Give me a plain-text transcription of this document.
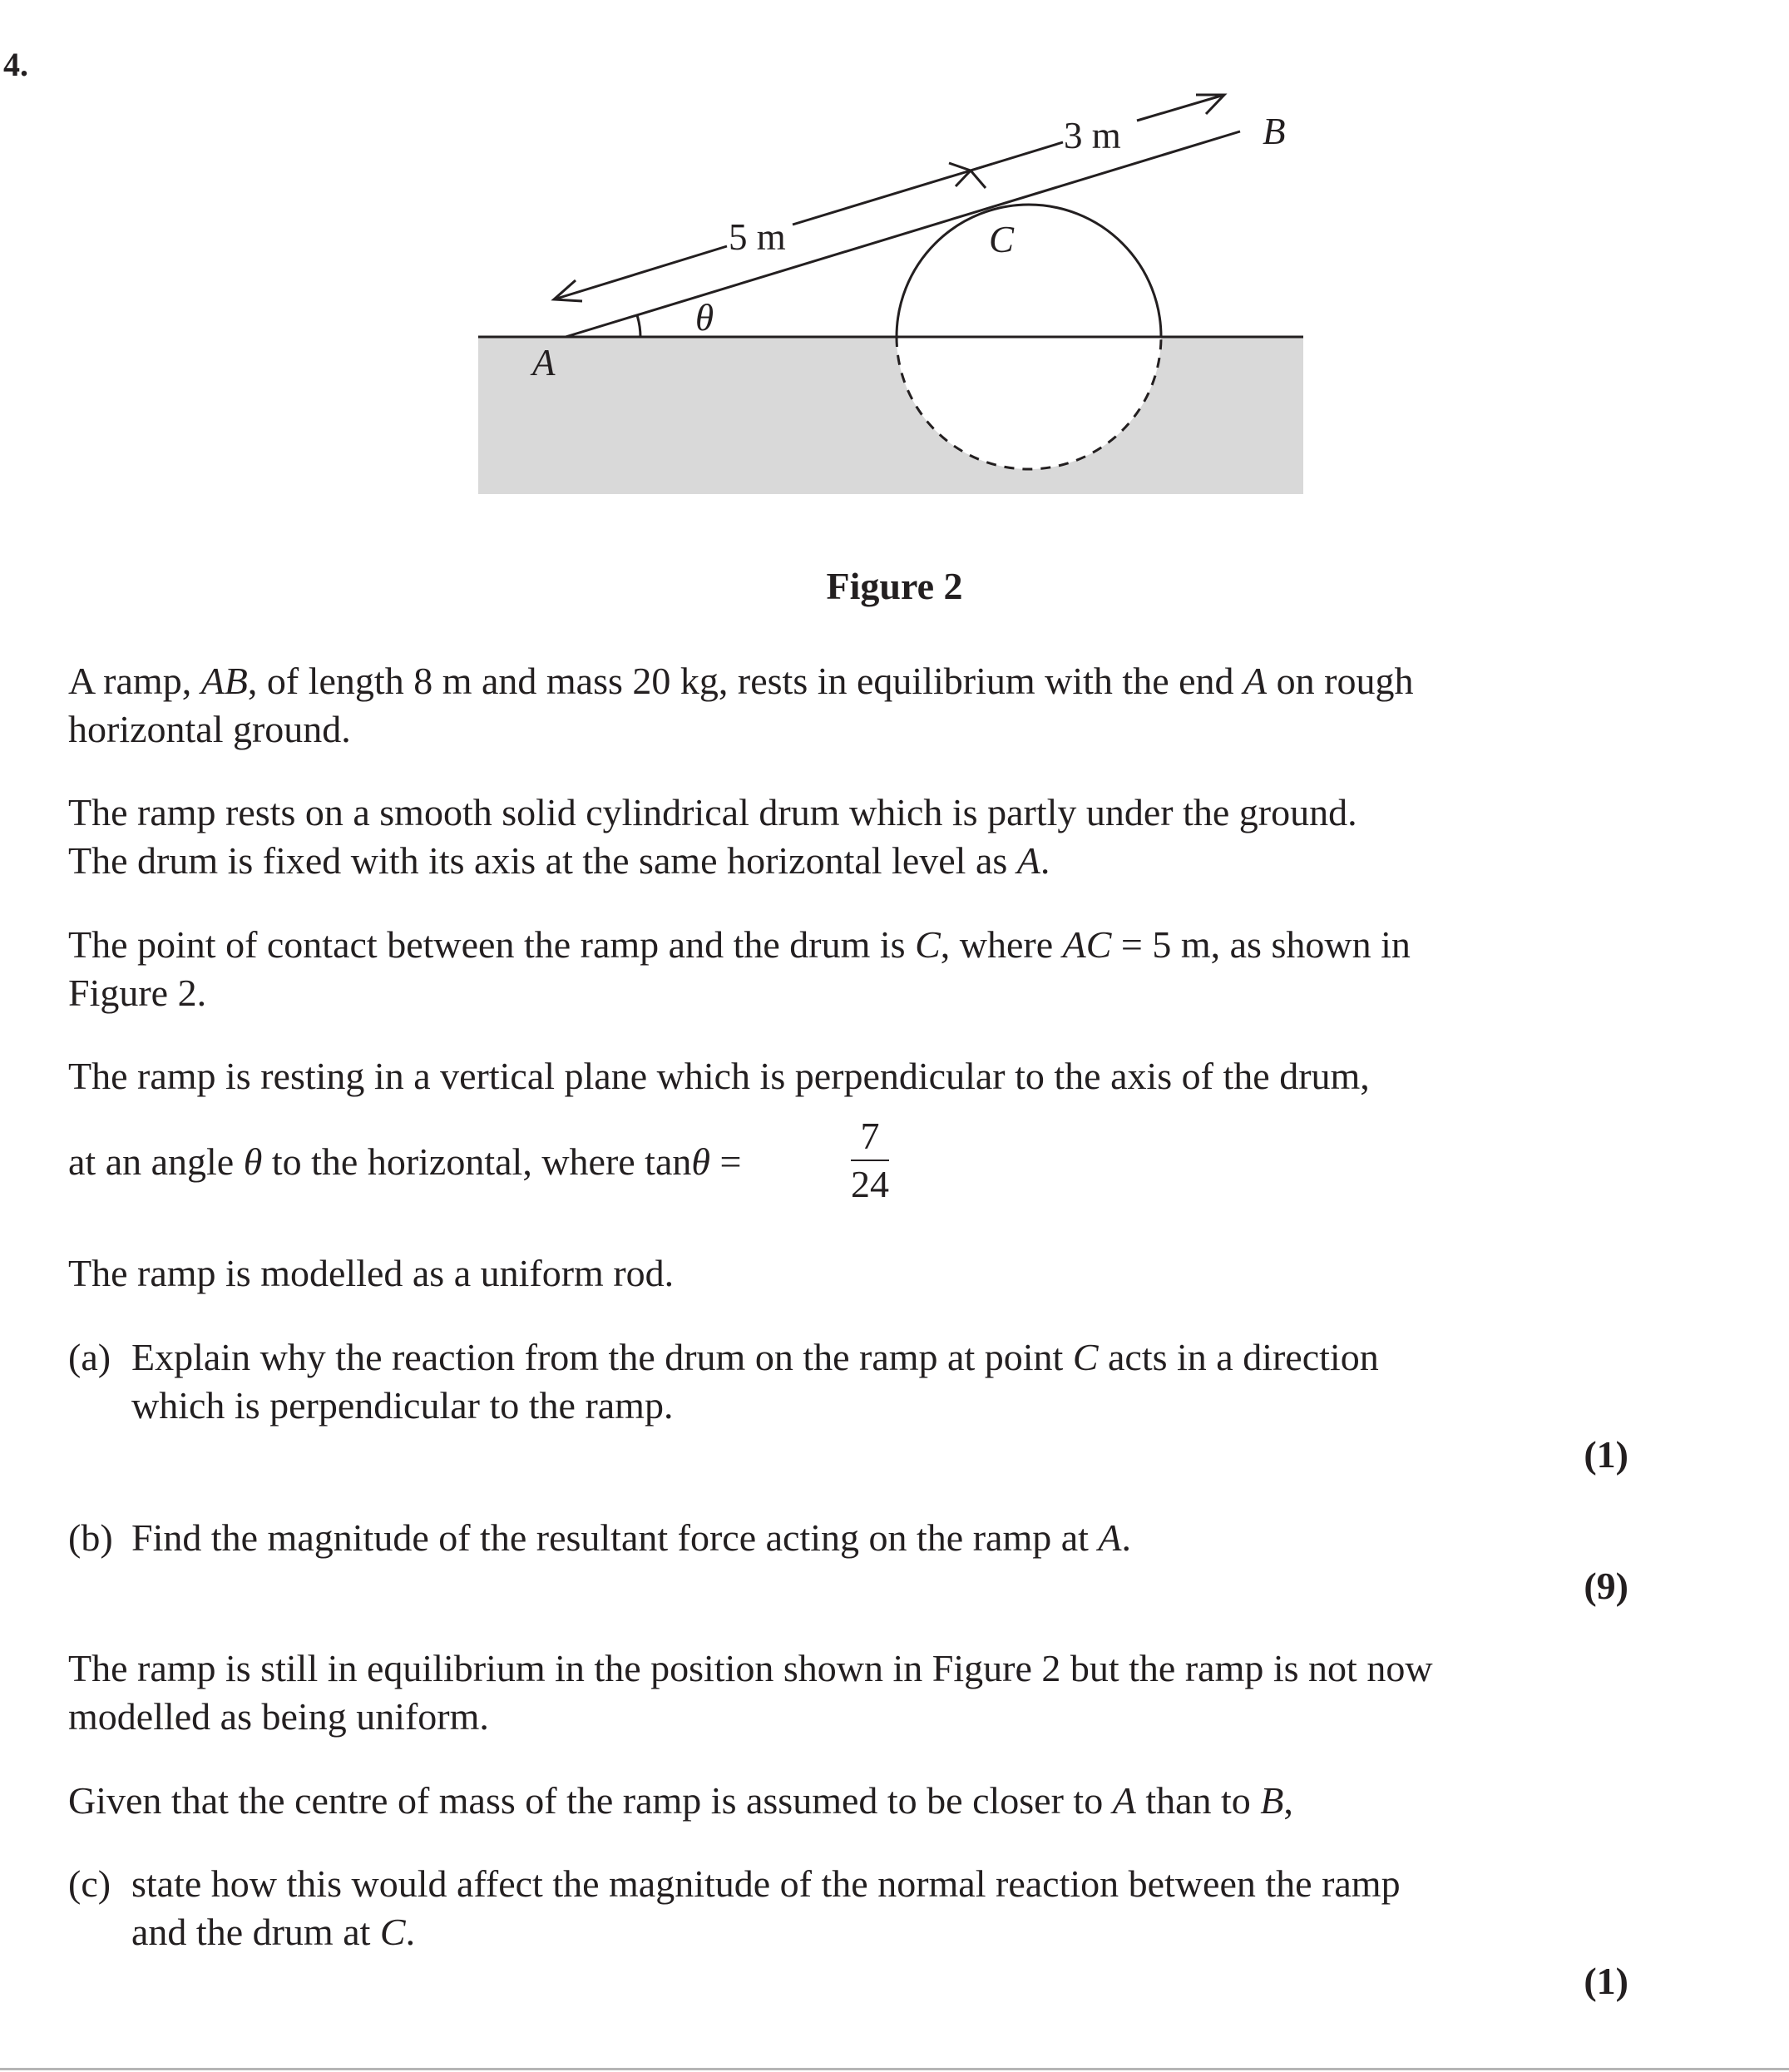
4.
5 m
3 m	B
C
θ
A
Figure 2
A ramp, AB, of length 8 m and mass 20 kg, rests in equilibrium with the end A on rough
horizontal ground.
The ramp rests on a smooth solid cylindrical drum which is partly under the ground.
The drum is fixed with its axis at the same horizontal level as A.
The point of contact between the ramp and the drum is C, where AC = 5 m, as shown in
Figure 2.
The ramp is resting in a vertical plane which is perpendicular to the axis of the drum,
at an angle θ to the horizontal, where tanθ =	$\frac{7}{24}$
The ramp is modelled as a uniform rod.
(a) Explain why the reaction from the drum on the ramp at point C acts in a direction
which is perpendicular to the ramp.
(1)
(b) Find the magnitude of the resultant force acting on the ramp at A.
(9)
The ramp is still in equilibrium in the position shown in Figure 2 but the ramp is not now
modelled as being uniform.
Given that the centre of mass of the ramp is assumed to be closer to A than to B,
(c) state how this would affect the magnitude of the normal reaction between the ramp
and the drum at C.
(1)
